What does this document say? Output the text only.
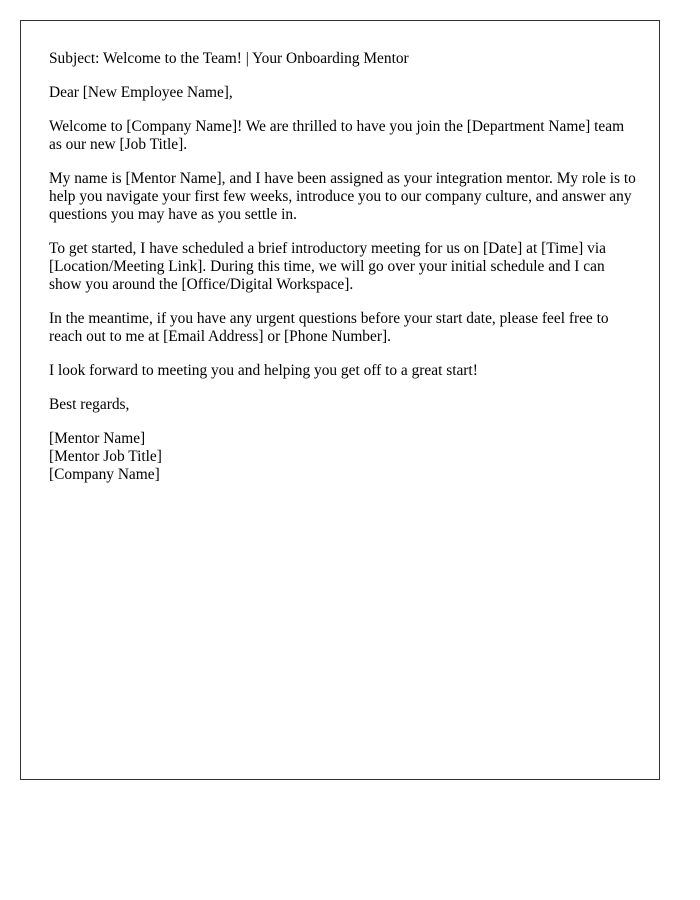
Subject: Welcome to the Team! | Your Onboarding Mentor

Dear [New Employee Name],

Welcome to [Company Name]! We are thrilled to have you join the [Department Name] team as our new [Job Title].

My name is [Mentor Name], and I have been assigned as your integration mentor. My role is to help you navigate your first few weeks, introduce you to our company culture, and answer any questions you may have as you settle in.

To get started, I have scheduled a brief introductory meeting for us on [Date] at [Time] via [Location/Meeting Link]. During this time, we will go over your initial schedule and I can show you around the [Office/Digital Workspace].

In the meantime, if you have any urgent questions before your start date, please feel free to reach out to me at [Email Address] or [Phone Number].

I look forward to meeting you and helping you get off to a great start!

Best regards,

[Mentor Name]
[Mentor Job Title]
[Company Name]
